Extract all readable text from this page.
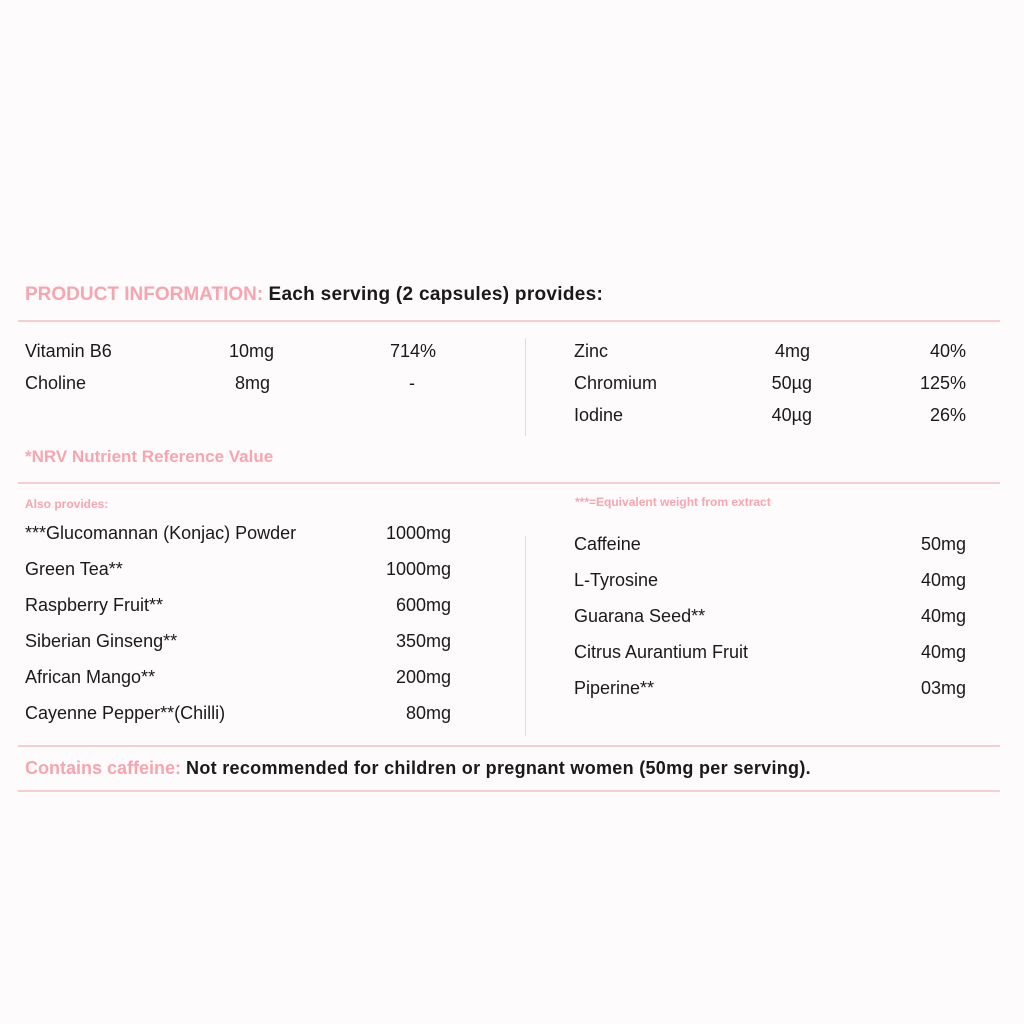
PRODUCT INFORMATION: Each serving (2 capsules) provides:
Vitamin B6	10mg	714%
Choline	8mg	-
Zinc	4mg	40%
Chromium	50µg	125%
Iodine	40µg	26%
*NRV Nutrient Reference Value
Also provides:	***=Equivalent weight from extract
***Glucomannan (Konjac) Powder	1000mg
Green Tea**	1000mg
Raspberry Fruit**	600mg
Siberian Ginseng**	350mg
African Mango**	200mg
Cayenne Pepper**(Chilli)	80mg
Caffeine	50mg
L-Tyrosine	40mg
Guarana Seed**	40mg
Citrus Aurantium Fruit	40mg
Piperine**	03mg
Contains caffeine: Not recommended for children or pregnant women (50mg per serving).
